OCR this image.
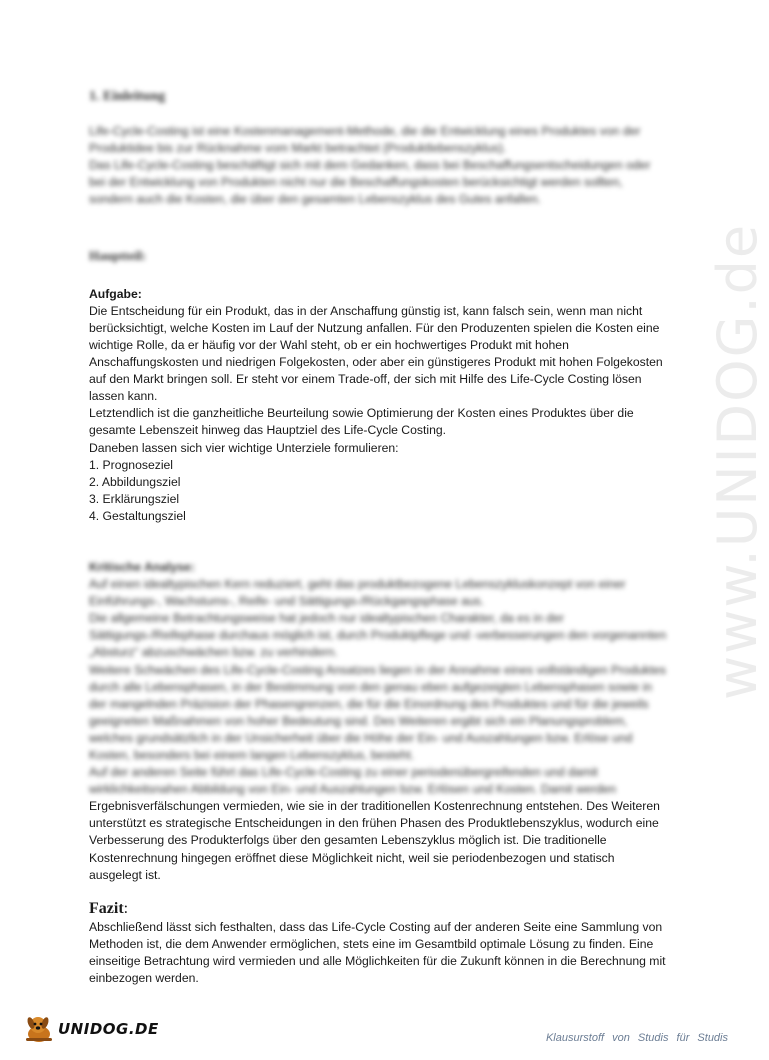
www.UNIDOG.de
1. Einleitung

Life-Cycle-Costing ist eine Kostenmanagement-Methode, die die Entwicklung eines Produktes von der Produktidee bis zur Rücknahme vom Markt betrachtet (Produktlebenszyklus).

Das Life-Cycle-Costing beschäftigt sich mit dem Gedanken, dass bei Beschaffungsentscheidungen oder bei der Entwicklung von Produkten nicht nur die Beschaffungskosten berücksichtigt werden sollten, sondern auch die Kosten, die über den gesamten Lebenszyklus des Gutes anfallen.

Hauptteil:

Aufgabe:

Die Entscheidung für ein Produkt, das in der Anschaffung günstig ist, kann falsch sein, wenn man nicht berücksichtigt, welche Kosten im Lauf der Nutzung anfallen. Für den Produzenten spielen die Kosten eine wichtige Rolle, da er häufig vor der Wahl steht, ob er ein hochwertiges Produkt mit hohen Anschaffungskosten und niedrigen Folgekosten, oder aber ein günstigeres Produkt mit hohen Folgekosten auf den Markt bringen soll. Er steht vor einem Trade-off, der sich mit Hilfe des Life-Cycle Costing lösen lassen kann.

Letztendlich ist die ganzheitliche Beurteilung sowie Optimierung der Kosten eines Produktes über die gesamte Lebenszeit hinweg das Hauptziel des Life-Cycle Costing.

Daneben lassen sich vier wichtige Unterziele formulieren:

1. Prognoseziel
2. Abbildungsziel
3. Erklärungsziel
4. Gestaltungsziel

Kritische Analyse:

Auf einen idealtypischen Kern reduziert, geht das produktbezogene Lebenszykluskonzept von einer Einführungs-, Wachstums-, Reife- und Sättigungs-/Rückgangsphase aus.

Die allgemeine Betrachtungsweise hat jedoch nur idealtypischen Charakter, da es in der Sättigungs-/Reifephase durchaus möglich ist, durch Produktpflege und -verbesserungen den vorgenannten „Absturz“ abzuschwächen bzw. zu verhindern.

Weitere Schwächen des Life-Cycle-Costing Ansatzes liegen in der Annahme eines vollständigen Produktes durch alle Lebensphasen, in der Bestimmung von den genau eben aufgezeigten Lebensphasen sowie in der mangelnden Präzision der Phasengrenzen, die für die Einordnung des Produktes und für die jeweils geeigneten Maßnahmen von hoher Bedeutung sind. Des Weiteren ergibt sich ein Planungsproblem, welches grundsätzlich in der Unsicherheit über die Höhe der Ein- und Auszahlungen bzw. Erlöse und Kosten, besonders bei einem langen Lebenszyklus, besteht.

Auf der anderen Seite führt das Life-Cycle-Costing zu einer periodenübergreifenden und damit wirklichkeitsnahen Abbildung von Ein- und Auszahlungen bzw. Erlösen und Kosten. Damit werden

Ergebnisverfälschungen vermieden, wie sie in der traditionellen Kostenrechnung entstehen. Des Weiteren unterstützt es strategische Entscheidungen in den frühen Phasen des Produktlebenszyklus, wodurch eine Verbesserung des Produkterfolgs über den gesamten Lebenszyklus möglich ist. Die traditionelle Kostenrechnung hingegen eröffnet diese Möglichkeit nicht, weil sie periodenbezogen und statisch ausgelegt ist.

Fazit:

Abschließend lässt sich festhalten, dass das Life-Cycle Costing auf der anderen Seite eine Sammlung von Methoden ist, die dem Anwender ermöglichen, stets eine im Gesamtbild optimale Lösung zu finden. Eine einseitige Betrachtung wird vermieden und alle Möglichkeiten für die Zukunft können in die Berechnung mit einbezogen werden.

UNIDOG.DE	Klausurstoff von Studis für Studis
